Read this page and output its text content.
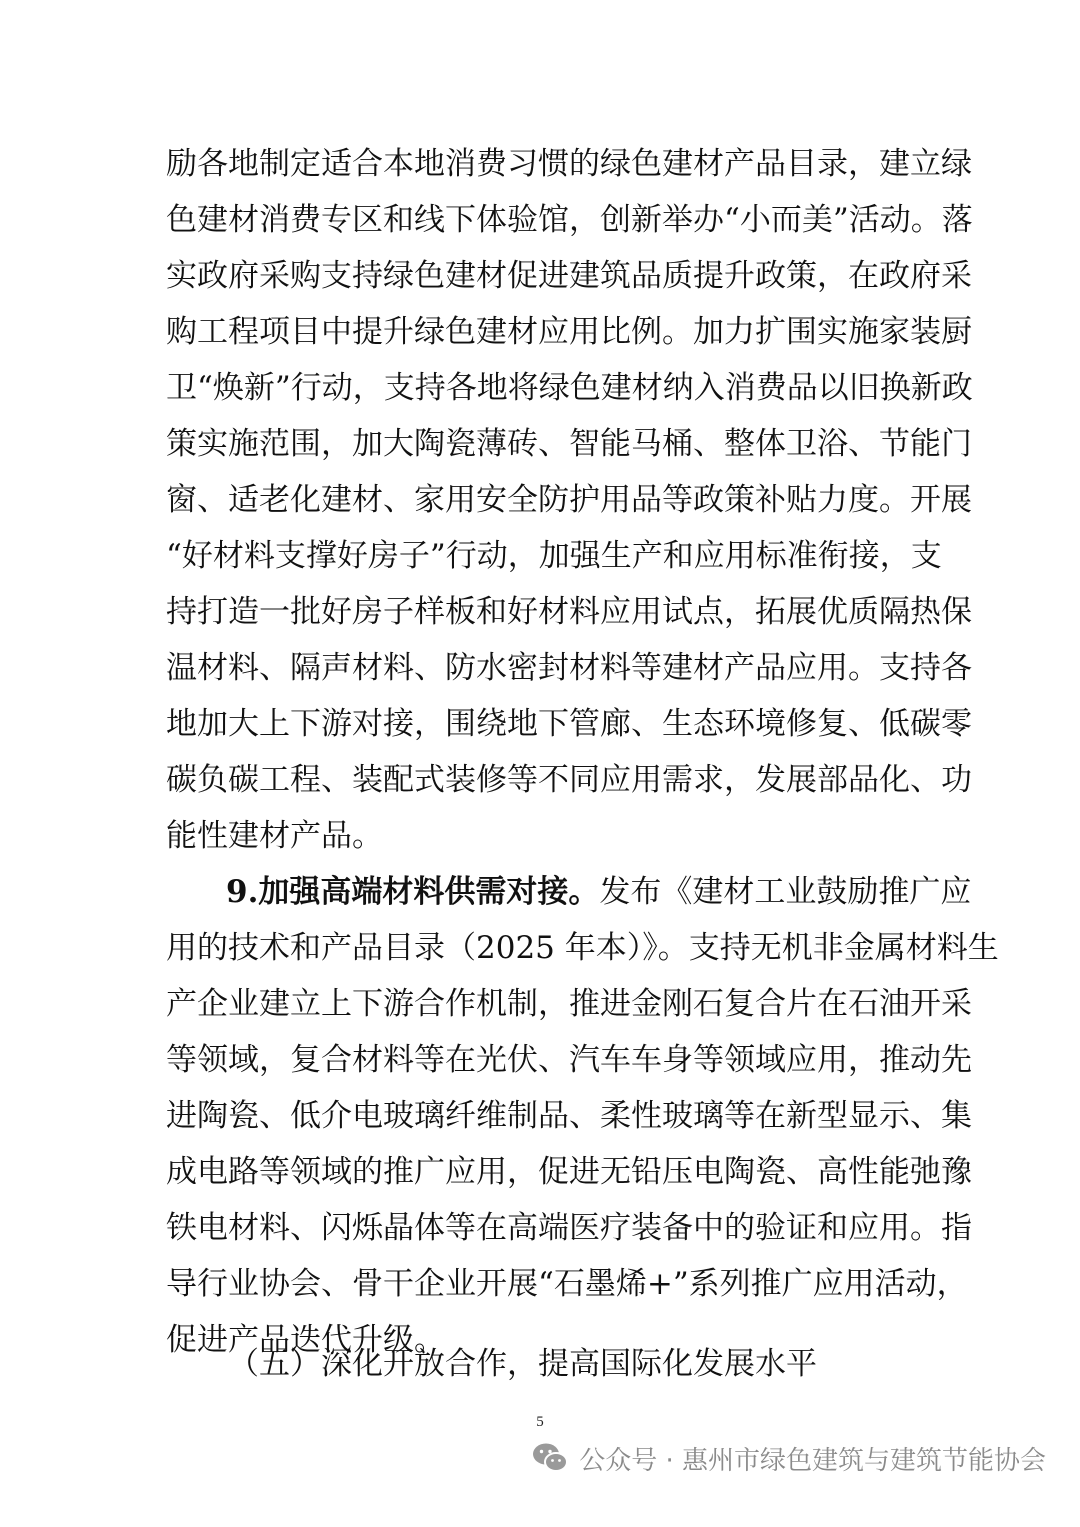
励各地制定适合本地消费习惯的绿色建材产品目录，建立绿
色建材消费专区和线下体验馆，创新举办“小而美”活动。落
实政府采购支持绿色建材促进建筑品质提升政策，在政府采
购工程项目中提升绿色建材应用比例。加力扩围实施家装厨
卫“焕新”行动，支持各地将绿色建材纳入消费品以旧换新政
策实施范围，加大陶瓷薄砖、智能马桶、整体卫浴、节能门
窗、适老化建材、家用安全防护用品等政策补贴力度。开展
“好材料支撑好房子”行动，加强生产和应用标准衔接，支
持打造一批好房子样板和好材料应用试点，拓展优质隔热保
温材料、隔声材料、防水密封材料等建材产品应用。支持各
地加大上下游对接，围绕地下管廊、生态环境修复、低碳零
碳负碳工程、装配式装修等不同应用需求，发展部品化、功
能性建材产品。
9.加强高端材料供需对接。发布《建材工业鼓励推广应
用的技术和产品目录（2025 年本）》。支持无机非金属材料生
产企业建立上下游合作机制，推进金刚石复合片在石油开采
等领域，复合材料等在光伏、汽车车身等领域应用，推动先
进陶瓷、低介电玻璃纤维制品、柔性玻璃等在新型显示、集
成电路等领域的推广应用，促进无铅压电陶瓷、高性能弛豫
铁电材料、闪烁晶体等在高端医疗装备中的验证和应用。指
导行业协会、骨干企业开展“石墨烯+”系列推广应用活动，
促进产品迭代升级。
（五）深化开放合作，提高国际化发展水平
5
公众号 · 惠州市绿色建筑与建筑节能协会
